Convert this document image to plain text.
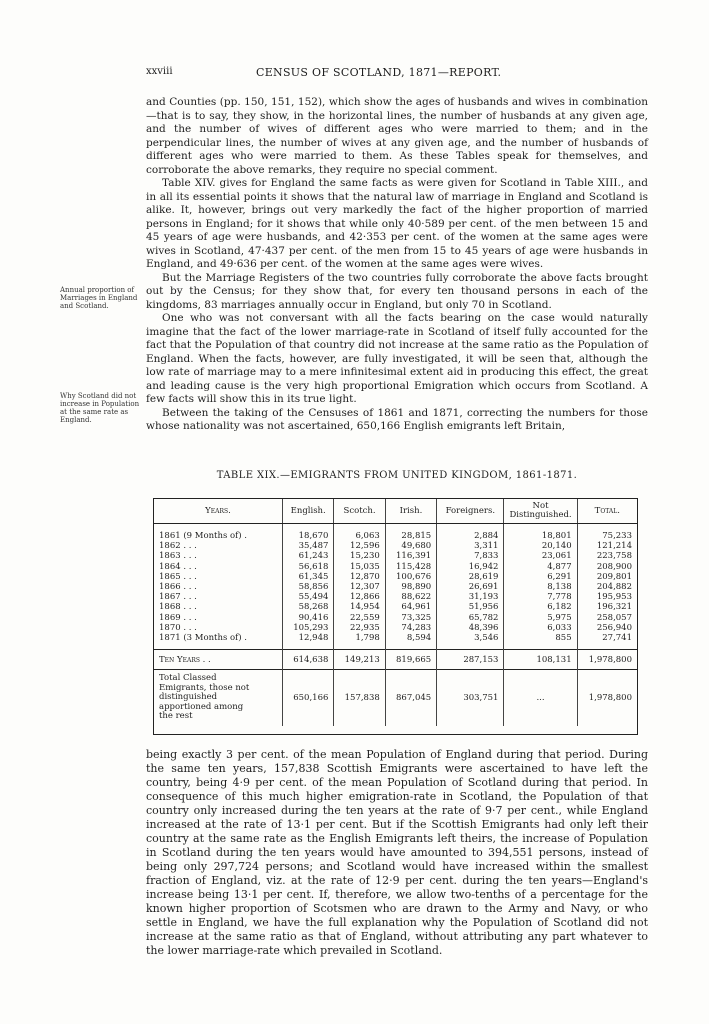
xxviii	CENSUS OF SCOTLAND, 1871—REPORT.

and Counties (pp. 150, 151, 152), which show the ages of husbands and wives in combination—that is to say, they show, in the horizontal lines, the number of husbands at any given age, and the number of wives of different ages who were married to them; and in the perpendicular lines, the number of wives at any given age, and the number of husbands of different ages who were married to them. As these Tables speak for themselves, and corroborate the above remarks, they require no special comment.

Table XIV. gives for England the same facts as were given for Scotland in Table XIII., and in all its essential points it shows that the natural law of marriage in England and Scotland is alike. It, however, brings out very markedly the fact of the higher proportion of married persons in England; for it shows that while only 40·589 per cent. of the men between 15 and 45 years of age were husbands, and 42·353 per cent. of the women at the same ages were wives in Scotland, 47·437 per cent. of the men from 15 to 45 years of age were husbands in England, and 49·636 per cent. of the women at the same ages were wives.

But the Marriage Registers of the two countries fully corroborate the above facts brought out by the Census; for they show that, for every ten thousand persons in each of the kingdoms, 83 marriages annually occur in England, but only 70 in Scotland.

One who was not conversant with all the facts bearing on the case would naturally imagine that the fact of the lower marriage-rate in Scotland of itself fully accounted for the fact that the Population of that country did not increase at the same ratio as the Population of England. When the facts, however, are fully investigated, it will be seen that, although the low rate of marriage may to a mere infinitesimal extent aid in producing this effect, the great and leading cause is the very high proportional Emigration which occurs from Scotland. A few facts will show this in its true light.

Between the taking of the Censuses of 1861 and 1871, correcting the numbers for those whose nationality was not ascertained, 650,166 English emigrants left Britain,

Annual proportion of Marriages in England and Scotland.

Why Scotland did not increase in Population at the same rate as England.

TABLE XIX.—EMIGRANTS FROM UNITED KINGDOM, 1861-1871.
Years.	English.	Scotch.	Irish.	Foreigners.	Not Distinguished.	Total.
1861 (9 Months of) .	18,670	6,063	28,815	2,884	18,801	75,233
1862 . . .	35,487	12,596	49,680	3,311	20,140	121,214
1863 . . .	61,243	15,230	116,391	7,833	23,061	223,758
1864 . . .	56,618	15,035	115,428	16,942	4,877	208,900
1865 . . .	61,345	12,870	100,676	28,619	6,291	209,801
1866 . . .	58,856	12,307	98,890	26,691	8,138	204,882
1867 . . .	55,494	12,866	88,622	31,193	7,778	195,953
1868 . . .	58,268	14,954	64,961	51,956	6,182	196,321
1869 . . .	90,416	22,559	73,325	65,782	5,975	258,057
1870 . . .	105,293	22,935	74,283	48,396	6,033	256,940
1871 (3 Months of) .	12,948	1,798	8,594	3,546	855	27,741
Ten Years . .	614,638	149,213	819,665	287,153	108,131	1,978,800
Total Classed Emigrants, those not distinguished apportioned among the rest	650,166	157,838	867,045	303,751	...	1,978,800

being exactly 3 per cent. of the mean Population of England during that period. During the same ten years, 157,838 Scottish Emigrants were ascertained to have left the country, being 4·9 per cent. of the mean Population of Scotland during that period. In consequence of this much higher emigration-rate in Scotland, the Population of that country only increased during the ten years at the rate of 9·7 per cent., while England increased at the rate of 13·1 per cent. But if the Scottish Emigrants had only left their country at the same rate as the English Emigrants left theirs, the increase of Population in Scotland during the ten years would have amounted to 394,551 persons, instead of being only 297,724 persons; and Scotland would have increased within the smallest fraction of England, viz. at the rate of 12·9 per cent. during the ten years—England's increase being 13·1 per cent. If, therefore, we allow two-tenths of a percentage for the known higher proportion of Scotsmen who are drawn to the Army and Navy, or who settle in England, we have the full explanation why the Population of Scotland did not increase at the same ratio as that of England, without attributing any part whatever to the lower marriage-rate which prevailed in Scotland.
